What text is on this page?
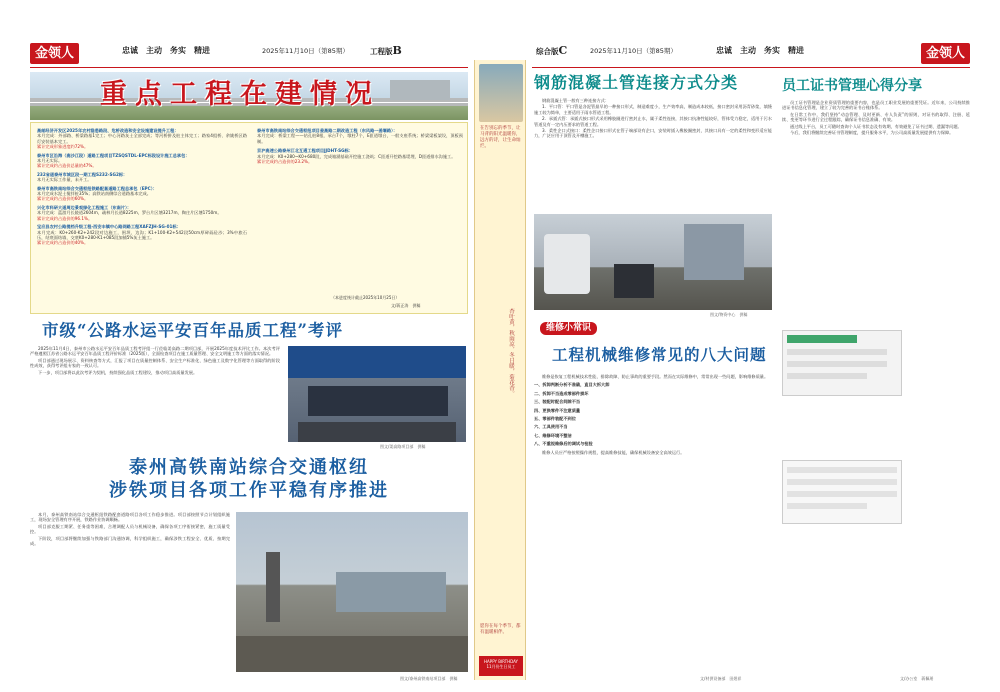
金领人	忠诚　主动　务实　精进	2025年11月10日（第85期）	工程版B
重点工程在建情况
高邮经济开发区2025年农村隐患路段、危桥改造和安全设施建设提升工程：
本月完成：外部路、桥梁路基1完工；中心河路灰土全部完成；等河桥拼及桩主体完工；路家4组桥、余姚桥区路灯安装基本完工。
累计完成形象进度约72%。
泰州市区沿海（高沙江段）道路工程项目TZSQSTDL-EPC标段设计施工总承包：
本月无实际。
累计完成约占造价总量的47%。
232省道泰州市城区段一期工程S232-SG2标：
本月无实际工作量，未开工。
泰州市高铁南站综合交通枢纽铁路配套道路工程总承包（EPC）：
本月完成水泥土搅拌桩35%；高铁站南侧综合道路基本完成。
累计完成约占造价的60%。
兴化市科研大道周边景观绿化工程施工（东南片）：
本月完成：蓝游月长陵道2604m，疏林月长道8225m，罗台片区塘3217m，陶庄片区塘1750m。
累计完成约占造价的96.1%。
宝应县农村公路提档升级工程-西安丰镇中心路网路工程XAFZJH-SG-01标：
本月完成：K0+260-K2+242段对边施工，围坝、边沟；K1+100-K2+542段50cm厚碎砾砼沙；3%中旅石压，结底面结墙，交底K0+280-K1+085段加铺5%灰土施工。
累计完成约占造价的40%。
泰州市高铁南站综合交通枢纽项目姜高路二期改造工程（东风路一姜堰路）：
本月完成：桥梁工程——钻孔桩8根，承台7个，墩柱7个，E匝道墩台，一般支座系统；桥梁梁板架设，顶板预制。
京沪高速公路泰州江北互通工程项目JJDHT-SG标：
本月完成：K0+280~K0+680段，完成箱涵基础开挖施工浇筑；C匝道开挖路基堤埋，D匝道排水沟施工。
累计完成约占造价的23.2%。
（本进度统计截止2025年10月25日）
文/蒋正涛　供稿
市级“公路水运平安百年品质工程”考评

2025年11月4日，泰州市公路水运平安百年品质工程考评组一行莅临姜高路二期项目部，开展2025年度技术评比工作。本次考评严格遵照江苏省公路水运平安百年品质工程评价标准（2025版），全面检查项目在施工质量管理、安全文明施工等方面的落实情况。

项目部通过现场展示、资料核查等方式，汇报了项目在质量控制体系、安全生产标准化、绿色施工及数字化管理等方面取得的阶段性成效，获得考评组专家的一致认可。

下一步，项目部将以此次考评为契机，持续强化品质工程建设，推动项目高质量发展。

图文/姜高路项目部　供稿
泰州高铁南站综合交通枢纽
涉铁项目各项工作平稳有序推进

本月，泰州高铁南站综合交通枢纽铁路配套道路项目各项工作稳步推进。项目部按照节点计划组织施工，现场安全管理有序开展，铁路作业协调顺畅。

项目部克服工期紧、任务重等困难，合理调配人员与机械设备，确保各项工序衔接紧密，施工质量受控。

下阶段，项目部将继续加强与铁路部门沟通协调，科学组织施工，确保涉铁工程安全、优质、按期完成。

图文/泰州高铁南站项目部　供稿
在告别忘的季节，让马背的阳光温暖你，远方的诗，让生命灿烂。
杏叶黄，秋雨凉，冬日暖，菊花香。
愿你在每个季节，都有温暖相伴。
HAPPY BIRTHDAY
11月份生日员工
综合版C	2025年11月10日（第85期）	忠诚　主动　务实　精进	金领人
钢筋混凝土管连接方式分类

钢筋混凝土管一般有三种连接方式：

1．平口管：平口管是各泥管最早的一种接口形式，制造难度小，生产效率高，制造成本较低，接口密封采用沥青砂浆，填缝施工较为简单，主要适用于雨水管道工程。

2．承插式管：承插式接口形式采用橡胶圈进行密封止水，属于柔性连接，其接口抗渗性能较好，管体受力稳定，适用于污水管道及有一定内压要求的管道工程。

3．柔性企口式接口：柔性企口接口形式在管子端部设有企口，安装时插入橡胶圈密封，其接口具有一定的柔性和变形适应能力，广泛应用于顶管及开槽施工。

图文/物资中心　供稿
员工证书管理心得分享

员工证书管理是企业资质管理的重要内容，也是员工职业发展的重要凭证。近年来，公司持续推进证书信息化管理，建立了较为完善的证书台账体系。

在日常工作中，我们坚持“动态管理、及时更新、专人负责”的原则，对证书的取得、注册、延续、变更等环节进行全过程跟踪，确保证书信息准确、有效。

通过线上平台，员工可随时查询个人证书状态及有效期，有效避免了证书过期、遗漏等问题。

今后，我们将继续完善证书管理制度，提升服务水平，为公司高质量发展提供有力保障。

文/办公室　蒋佩瑶
维修小常识
工程机械维修常见的八大问题

维修是恢复工程机械技术性能、排除故障、防止事故的重要手段。然而在实际维修中，常常出现一些问题，影响维修质量。

一、拆卸判断分析不准确，直目大拆大卸
二、拆卸不当造成零部件损坏
三、装配时配合间隙不当
四、更换零件不注意质量
五、零部件装配不到位
六、工具使用不当
七、维修环境不整洁
八、不重视维修后的调试与检验

维修人员应严格按照操作规程，提高维修技能，确保机械设备安全高效运行。

文/材供设备部　田煜祥
